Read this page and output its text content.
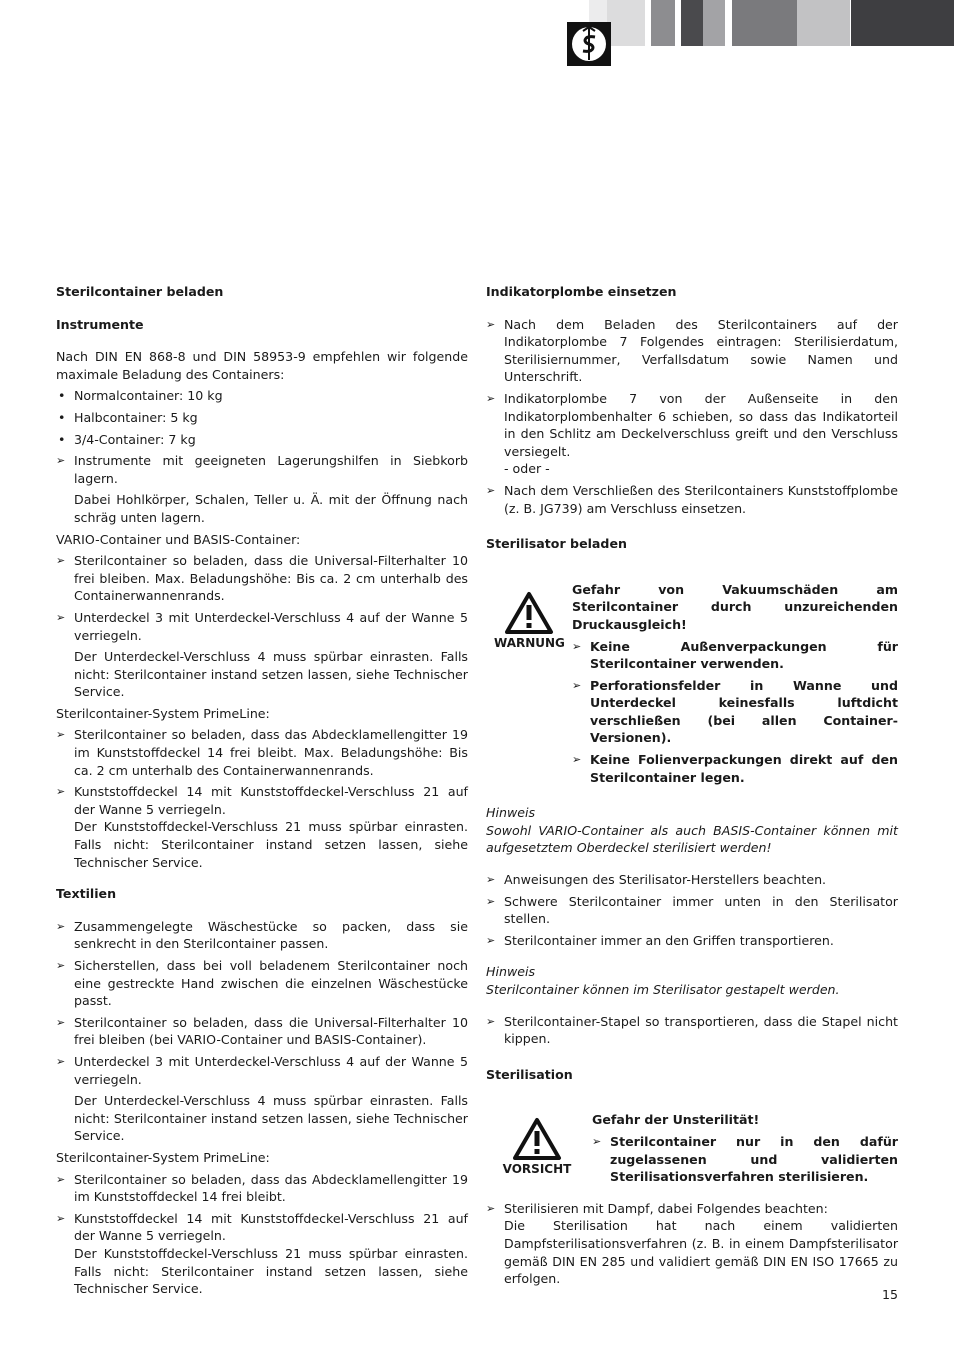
Sterilcontainer beladen
Instrumente
Nach DIN EN 868-8 und DIN 58953-9 empfehlen wir folgende maximale Beladung des Containers:
• Normalcontainer: 10 kg
• Halbcontainer: 5 kg
• 3/4-Container: 7 kg
➢ Instrumente mit geeigneten Lagerungshilfen in Siebkorb lagern.
Dabei Hohlkörper, Schalen, Teller u. Ä. mit der Öffnung nach schräg unten lagern.
VARIO-Container und BASIS-Container:
➢ Sterilcontainer so beladen, dass die Universal-Filterhalter 10 frei bleiben. Max. Beladungshöhe: Bis ca. 2 cm unterhalb des Containerwannenrands.
➢ Unterdeckel 3 mit Unterdeckel-Verschluss 4 auf der Wanne 5 verriegeln.
Der Unterdeckel-Verschluss 4 muss spürbar einrasten. Falls nicht: Sterilcontainer instand setzen lassen, siehe Technischer Service.
Sterilcontainer-System PrimeLine:
➢ Sterilcontainer so beladen, dass das Abdecklamellengitter 19 im Kunststoffdeckel 14 frei bleibt. Max. Beladungshöhe: Bis ca. 2 cm unterhalb des Containerwannenrands.
➢ Kunststoffdeckel 14 mit Kunststoffdeckel-Verschluss 21 auf der Wanne 5 verriegeln.
Der Kunststoffdeckel-Verschluss 21 muss spürbar einrasten. Falls nicht: Sterilcontainer instand setzen lassen, siehe Technischer Service.
Textilien
➢ Zusammengelegte Wäschestücke so packen, dass sie senkrecht in den Sterilcontainer passen.
➢ Sicherstellen, dass bei voll beladenem Sterilcontainer noch eine gestreckte Hand zwischen die einzelnen Wäschestücke passt.
➢ Sterilcontainer so beladen, dass die Universal-Filterhalter 10 frei bleiben (bei VARIO-Container und BASIS-Container).
➢ Unterdeckel 3 mit Unterdeckel-Verschluss 4 auf der Wanne 5 verriegeln.
Der Unterdeckel-Verschluss 4 muss spürbar einrasten. Falls nicht: Sterilcontainer instand setzen lassen, siehe Technischer Service.
Sterilcontainer-System PrimeLine:
➢ Sterilcontainer so beladen, dass das Abdecklamellengitter 19 im Kunststoffdeckel 14 frei bleibt.
➢ Kunststoffdeckel 14 mit Kunststoffdeckel-Verschluss 21 auf der Wanne 5 verriegeln.
Der Kunststoffdeckel-Verschluss 21 muss spürbar einrasten. Falls nicht: Sterilcontainer instand setzen lassen, siehe Technischer Service.
Indikatorplombe einsetzen
➢ Nach dem Beladen des Sterilcontainers auf der Indikatorplombe 7 Folgendes eintragen: Sterilisierdatum, Sterilisiernummer, Verfallsdatum sowie Namen und Unterschrift.
➢ Indikatorplombe 7 von der Außenseite in den Indikatorplombenhalter 6 schieben, so dass das Indikatorteil in den Schlitz am Deckelverschluss greift und den Verschluss versiegelt.
- oder -
➢ Nach dem Verschließen des Sterilcontainers Kunststoffplombe (z. B. JG739) am Verschluss einsetzen.
Sterilisator beladen
WARNUNG
Gefahr von Vakuumschäden am Sterilcontainer durch unzureichenden Druckausgleich!
➢ Keine Außenverpackungen für Sterilcontainer verwenden.
➢ Perforationsfelder in Wanne und Unterdeckel keinesfalls luftdicht verschließen (bei allen Container-Versionen).
➢ Keine Folienverpackungen direkt auf den Sterilcontainer legen.
Hinweis
Sowohl VARIO-Container als auch BASIS-Container können mit aufgesetztem Oberdeckel sterilisiert werden!
➢ Anweisungen des Sterilisator-Herstellers beachten.
➢ Schwere Sterilcontainer immer unten in den Sterilisator stellen.
➢ Sterilcontainer immer an den Griffen transportieren.
Hinweis
Sterilcontainer können im Sterilisator gestapelt werden.
➢ Sterilcontainer-Stapel so transportieren, dass die Stapel nicht kippen.
Sterilisation
VORSICHT
Gefahr der Unsterilität!
➢ Sterilcontainer nur in den dafür zugelassenen und validierten Sterilisationsverfahren sterilisieren.
➢ Sterilisieren mit Dampf, dabei Folgendes beachten:
Die Sterilisation hat nach einem validierten Dampfsterilisationsverfahren (z. B. in einem Dampfsterilisator gemäß DIN EN 285 und validiert gemäß DIN EN ISO 17665 zu erfolgen.
15
